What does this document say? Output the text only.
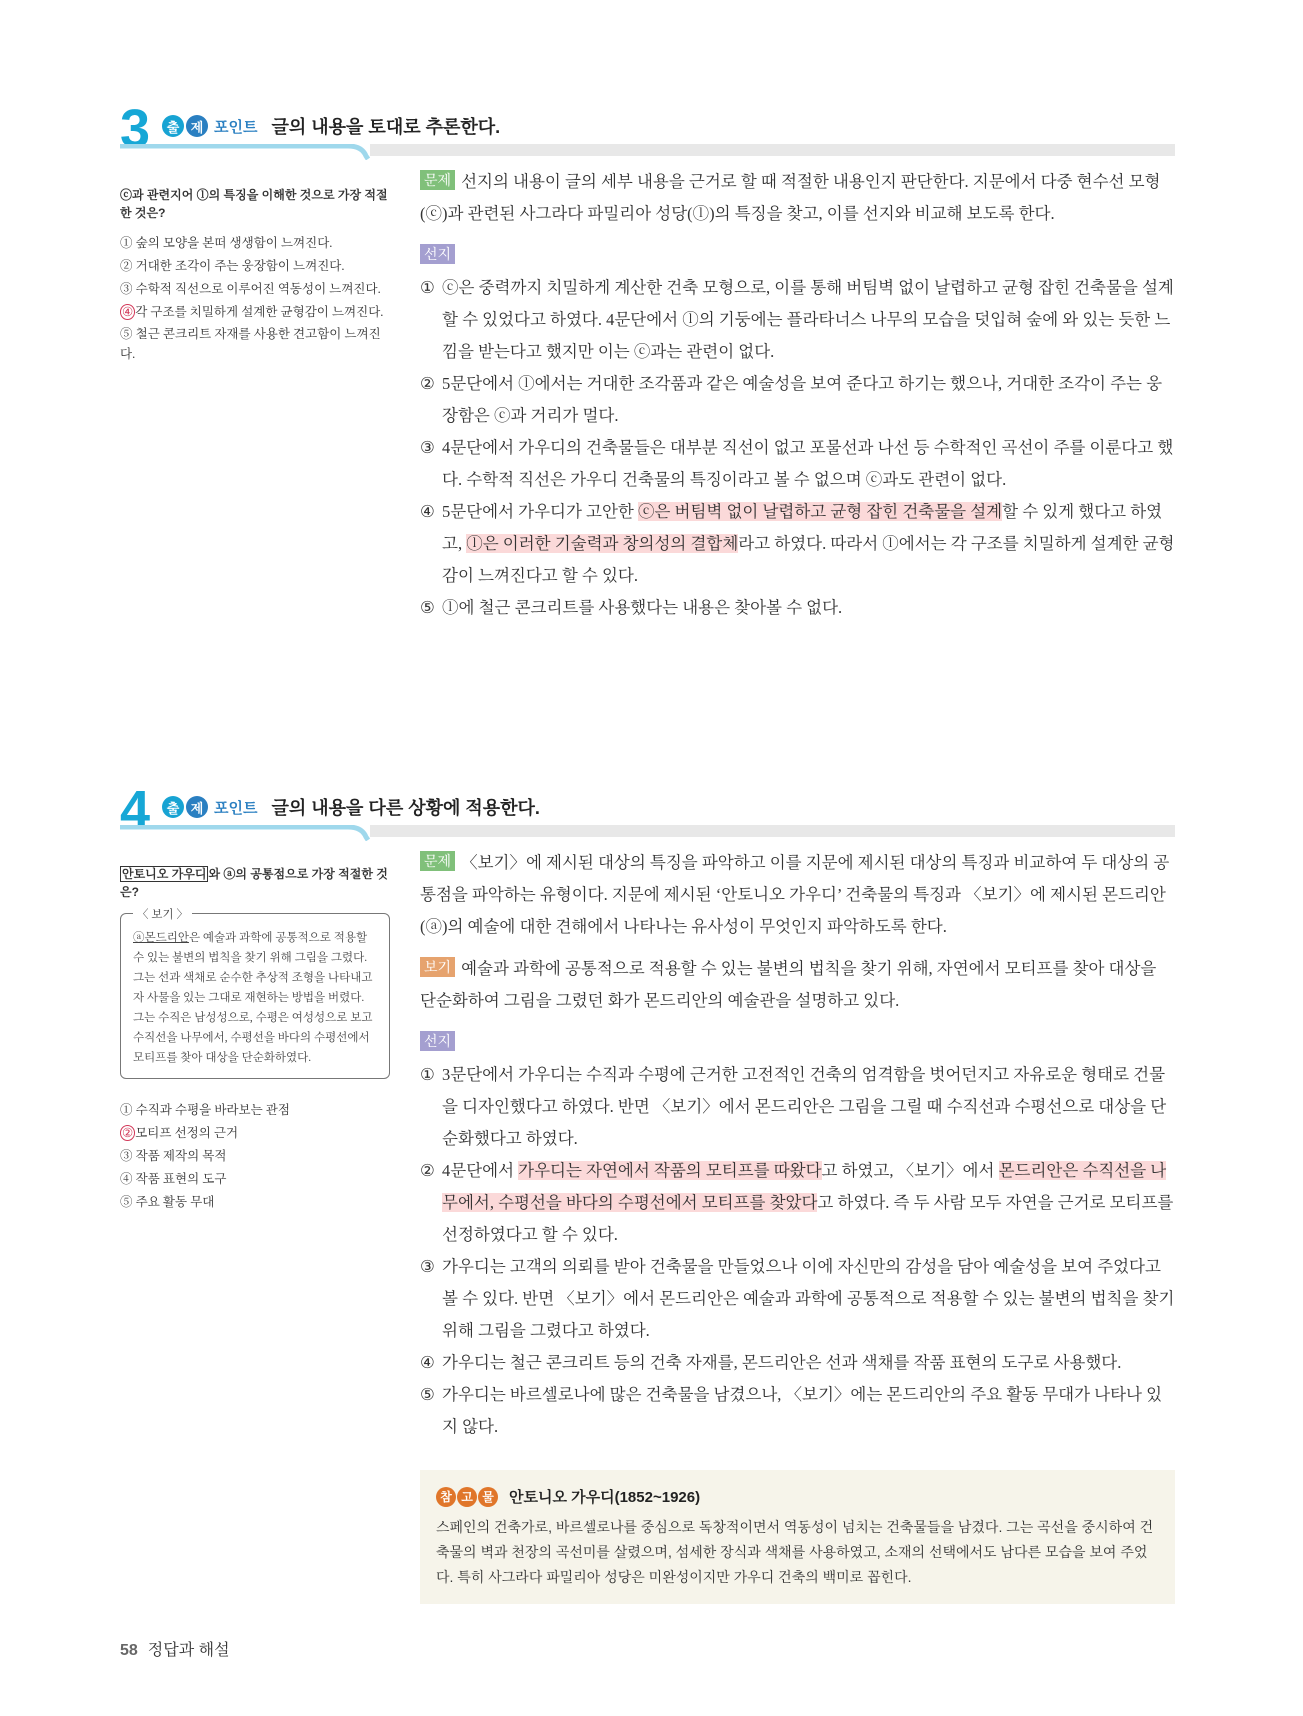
3	출 제 포인트 글의 내용을 토대로 추론한다.
ⓒ과 관련지어 ⓛ의 특징을 이해한 것으로 가장 적절한 것은?
① 숲의 모양을 본떠 생생함이 느껴진다.
② 거대한 조각이 주는 웅장함이 느껴진다.
③ 수학적 직선으로 이루어진 역동성이 느껴진다.
④ 각 구조를 치밀하게 설계한 균형감이 느껴진다.
⑤ 철근 콘크리트 자재를 사용한 견고함이 느껴진다.
문제 선지의 내용이 글의 세부 내용을 근거로 할 때 적절한 내용인지 판단한다. 지문에서 다중 현수선 모형(ⓒ)과 관련된 사그라다 파밀리아 성당(ⓛ)의 특징을 찾고, 이를 선지와 비교해 보도록 한다.
선지
① ⓒ은 중력까지 치밀하게 계산한 건축 모형으로, 이를 통해 버팀벽 없이 날렵하고 균형 잡힌 건축물을 설계할 수 있었다고 하였다. 4문단에서 ⓛ의 기둥에는 플라타너스 나무의 모습을 덧입혀 숲에 와 있는 듯한 느낌을 받는다고 했지만 이는 ⓒ과는 관련이 없다.
② 5문단에서 ⓛ에서는 거대한 조각품과 같은 예술성을 보여 준다고 하기는 했으나, 거대한 조각이 주는 웅장함은 ⓒ과 거리가 멀다.
③ 4문단에서 가우디의 건축물들은 대부분 직선이 없고 포물선과 나선 등 수학적인 곡선이 주를 이룬다고 했다. 수학적 직선은 가우디 건축물의 특징이라고 볼 수 없으며 ⓒ과도 관련이 없다.
④ 5문단에서 가우디가 고안한 ⓒ은 버팀벽 없이 날렵하고 균형 잡힌 건축물을 설계할 수 있게 했다고 하였고, ⓛ은 이러한 기술력과 창의성의 결합체라고 하였다. 따라서 ⓛ에서는 각 구조를 치밀하게 설계한 균형감이 느껴진다고 할 수 있다.
⑤ ⓛ에 철근 콘크리트를 사용했다는 내용은 찾아볼 수 없다.
4	출 제 포인트 글의 내용을 다른 상황에 적용한다.
안토니오 가우디 와 ⓐ의 공통점으로 가장 적절한 것은?
〈 보기 〉
ⓐ몬드리안은 예술과 과학에 공통적으로 적용할 수 있는 불변의 법칙을 찾기 위해 그림을 그렸다. 그는 선과 색채로 순수한 추상적 조형을 나타내고자 사물을 있는 그대로 재현하는 방법을 버렸다. 그는 수직은 남성성으로, 수평은 여성성으로 보고 수직선을 나무에서, 수평선을 바다의 수평선에서 모티프를 찾아 대상을 단순화하였다.
① 수직과 수평을 바라보는 관점
② 모티프 선정의 근거
③ 작품 제작의 목적
④ 작품 표현의 도구
⑤ 주요 활동 무대
문제 〈보기〉에 제시된 대상의 특징을 파악하고 이를 지문에 제시된 대상의 특징과 비교하여 두 대상의 공통점을 파악하는 유형이다. 지문에 제시된 ‘안토니오 가우디’ 건축물의 특징과 〈보기〉에 제시된 몬드리안(ⓐ)의 예술에 대한 견해에서 나타나는 유사성이 무엇인지 파악하도록 한다.
보기 예술과 과학에 공통적으로 적용할 수 있는 불변의 법칙을 찾기 위해, 자연에서 모티프를 찾아 대상을 단순화하여 그림을 그렸던 화가 몬드리안의 예술관을 설명하고 있다.
선지
① 3문단에서 가우디는 수직과 수평에 근거한 고전적인 건축의 엄격함을 벗어던지고 자유로운 형태로 건물을 디자인했다고 하였다. 반면 〈보기〉에서 몬드리안은 그림을 그릴 때 수직선과 수평선으로 대상을 단순화했다고 하였다.
② 4문단에서 가우디는 자연에서 작품의 모티프를 따왔다고 하였고, 〈보기〉에서 몬드리안은 수직선을 나무에서, 수평선을 바다의 수평선에서 모티프를 찾았다고 하였다. 즉 두 사람 모두 자연을 근거로 모티프를 선정하였다고 할 수 있다.
③ 가우디는 고객의 의뢰를 받아 건축물을 만들었으나 이에 자신만의 감성을 담아 예술성을 보여 주었다고 볼 수 있다. 반면 〈보기〉에서 몬드리안은 예술과 과학에 공통적으로 적용할 수 있는 불변의 법칙을 찾기 위해 그림을 그렸다고 하였다.
④ 가우디는 철근 콘크리트 등의 건축 자재를, 몬드리안은 선과 색채를 작품 표현의 도구로 사용했다.
⑤ 가우디는 바르셀로나에 많은 건축물을 남겼으나, 〈보기〉에는 몬드리안의 주요 활동 무대가 나타나 있지 않다.
참 고 물 안토니오 가우디(1852~1926)
스페인의 건축가로, 바르셀로나를 중심으로 독창적이면서 역동성이 넘치는 건축물들을 남겼다. 그는 곡선을 중시하여 건축물의 벽과 천장의 곡선미를 살렸으며, 섬세한 장식과 색채를 사용하였고, 소재의 선택에서도 남다른 모습을 보여 주었다. 특히 사그라다 파밀리아 성당은 미완성이지만 가우디 건축의 백미로 꼽힌다.
58 정답과 해설
